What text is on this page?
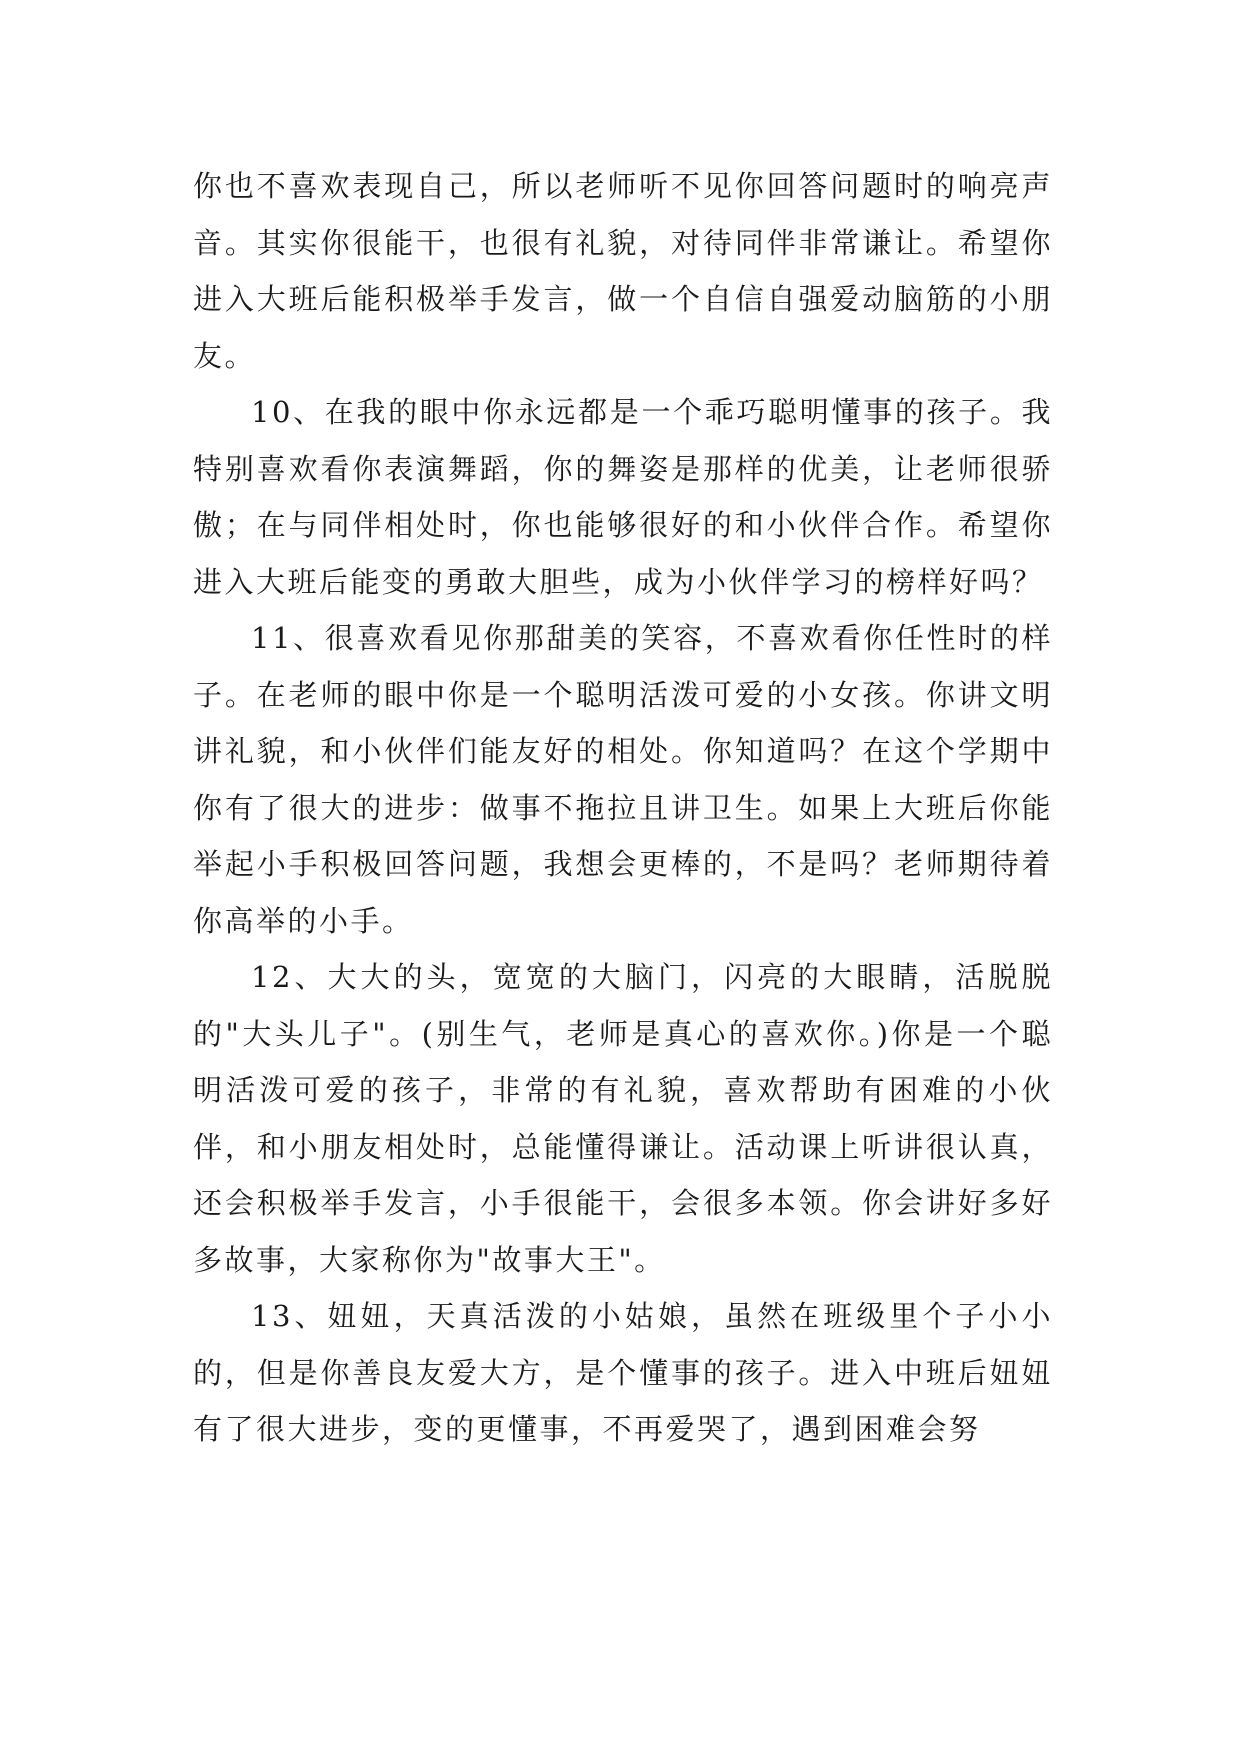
你也不喜欢表现自己，所以老师听不见你回答问题时的响亮声音。其实你很能干，也很有礼貌，对待同伴非常谦让。希望你进入大班后能积极举手发言，做一个自信自强爱动脑筋的小朋友。

10、在我的眼中你永远都是一个乖巧聪明懂事的孩子。我特别喜欢看你表演舞蹈，你的舞姿是那样的优美，让老师很骄傲；在与同伴相处时，你也能够很好的和小伙伴合作。希望你进入大班后能变的勇敢大胆些，成为小伙伴学习的榜样好吗？

11、很喜欢看见你那甜美的笑容，不喜欢看你任性时的样子。在老师的眼中你是一个聪明活泼可爱的小女孩。你讲文明讲礼貌，和小伙伴们能友好的相处。你知道吗？在这个学期中你有了很大的进步：做事不拖拉且讲卫生。如果上大班后你能举起小手积极回答问题，我想会更棒的，不是吗？老师期待着你高举的小手。

12、大大的头，宽宽的大脑门，闪亮的大眼睛，活脱脱的"大头儿子"。(别生气，老师是真心的喜欢你。)你是一个聪明活泼可爱的孩子，非常的有礼貌，喜欢帮助有困难的小伙伴，和小朋友相处时，总能懂得谦让。活动课上听讲很认真，还会积极举手发言，小手很能干，会很多本领。你会讲好多好多故事，大家称你为"故事大王"。

13、妞妞，天真活泼的小姑娘，虽然在班级里个子小小的，但是你善良友爱大方，是个懂事的孩子。进入中班后妞妞有了很大进步，变的更懂事，不再爱哭了，遇到困难会努
